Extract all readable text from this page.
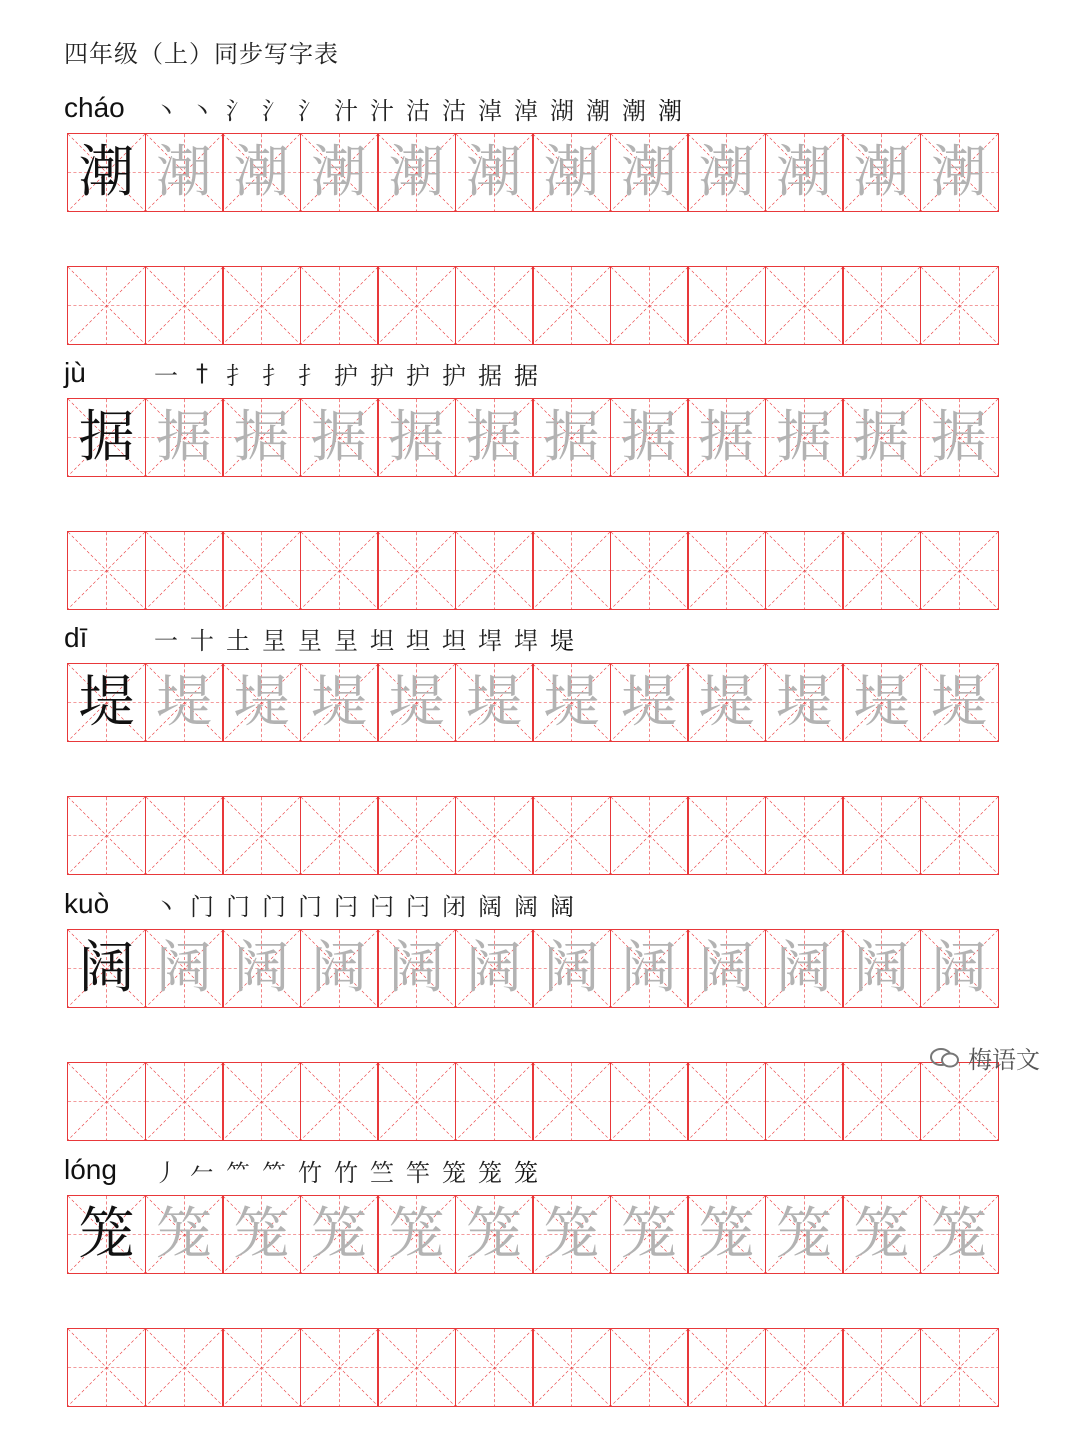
四年级（上）同步写字表
cháo	丶 丶 氵 氵 氵 汁 汁 沽 沽 淖 淖 湖 潮 潮 潮
潮 潮 潮 潮 潮 潮 潮 潮 潮 潮 潮 潮
jù	一 † 扌 扌 扌 护 护 护 护 据 据
据 据 据 据 据 据 据 据 据 据 据 据
dī	一 十 土 圼 圼 圼 坦 坦 坦 垾 垾 堤
堤 堤 堤 堤 堤 堤 堤 堤 堤 堤 堤 堤
kuò	丶 门 门 门 门 闩 闩 闩 闭 阔 阔 阔
阔 阔 阔 阔 阔 阔 阔 阔 阔 阔 阔 阔
lóng	丿 𠂉 ⺮ ⺮ 竹 竹 竺 竿 笼 笼 笼
笼 笼 笼 笼 笼 笼 笼 笼 笼 笼 笼 笼
梅语文
